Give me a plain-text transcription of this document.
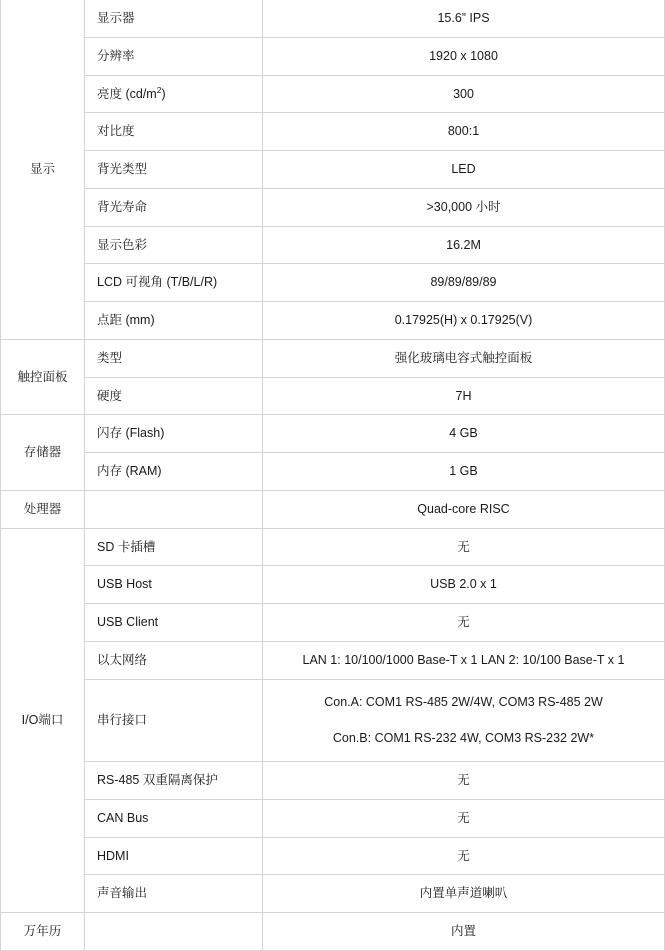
显示	显示器	15.6” IPS
	分辨率	1920 x 1080
	亮度 $(cd/m^2)$	300
	对比度	800:1
	背光类型	LED
	背光寿命	>30,000 小时
	显示色彩	16.2M
	LCD 可视角 (T/B/L/R)	89/89/89/89
	点距 (mm)	0.17925(H) x 0.17925(V)
触控面板	类型	强化玻璃电容式触控面板
	硬度	7H
存储器	闪存 (Flash)	4 GB
	内存 (RAM)	1 GB
处理器		Quad-core RISC
I/O端口	SD 卡插槽	无
	USB Host	USB 2.0 x 1
	USB Client	无
	以太网络	LAN 1: 10/100/1000 Base-T x 1 LAN 2: 10/100 Base-T x 1
	串行接口	Con.A: COM1 RS-485 2W/4W, COM3 RS-485 2W
Con.B: COM1 RS-232 4W, COM3 RS-232 2W*

	RS-485 双重隔离保护	无
	CAN Bus	无
	HDMI	无
	声音输出	内置单声道喇叭
万年历		内置
